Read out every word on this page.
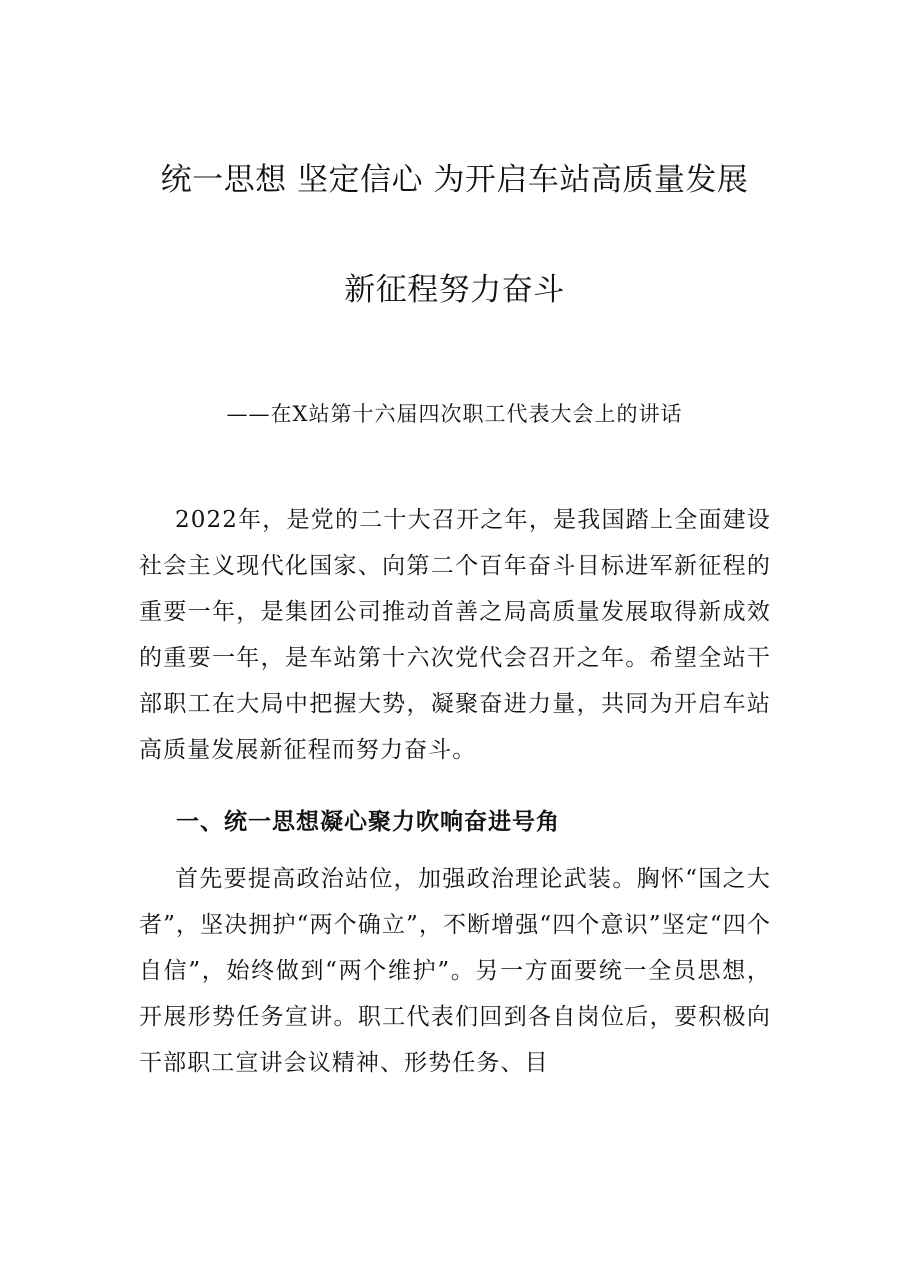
统一思想 坚定信心 为开启车站高质量发展
新征程努力奋斗
——在X站第十六届四次职工代表大会上的讲话
2022年，是党的二十大召开之年，是我国踏上全面建设社会主义现代化国家、向第二个百年奋斗目标进军新征程的重要一年，是集团公司推动首善之局高质量发展取得新成效的重要一年，是车站第十六次党代会召开之年。希望全站干部职工在大局中把握大势，凝聚奋进力量，共同为开启车站高质量发展新征程而努力奋斗。
一、统一思想凝心聚力吹响奋进号角
首先要提高政治站位，加强政治理论武装。胸怀“国之大者”，坚决拥护“两个确立”，不断增强“四个意识”坚定“四个自信”，始终做到“两个维护”。另一方面要统一全员思想，开展形势任务宣讲。职工代表们回到各自岗位后，要积极向干部职工宣讲会议精神、形势任务、目
